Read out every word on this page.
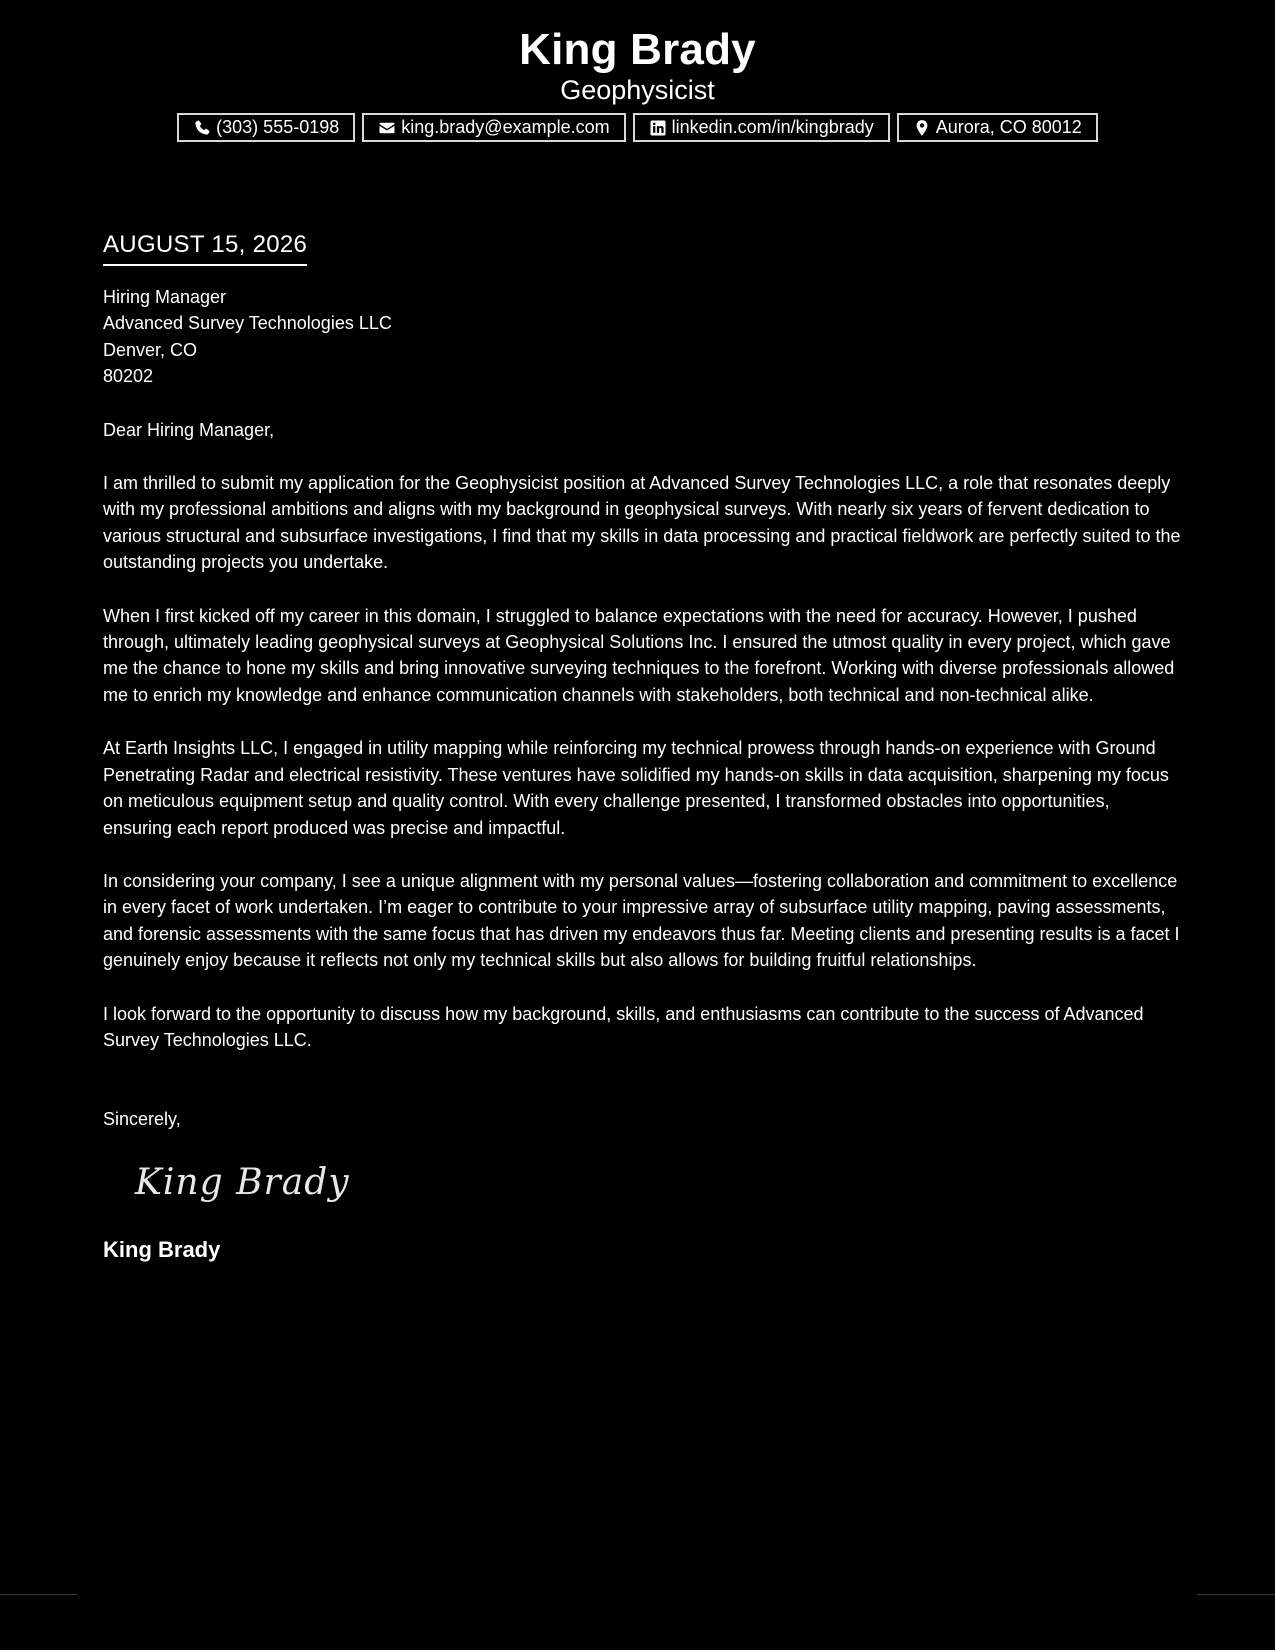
King Brady
Geophysicist
(303) 555-0198	king.brady@example.com	linkedin.com/in/kingbrady	Aurora, CO 80012
AUGUST 15, 2026
Hiring Manager
Advanced Survey Technologies LLC
Denver, CO
80202
Dear Hiring Manager,

I am thrilled to submit my application for the Geophysicist position at Advanced Survey Technologies LLC, a role that resonates deeply with my professional ambitions and aligns with my background in geophysical surveys. With nearly six years of fervent dedication to various structural and subsurface investigations, I find that my skills in data processing and practical fieldwork are perfectly suited to the outstanding projects you undertake.

When I first kicked off my career in this domain, I struggled to balance expectations with the need for accuracy. However, I pushed through, ultimately leading geophysical surveys at Geophysical Solutions Inc. I ensured the utmost quality in every project, which gave me the chance to hone my skills and bring innovative surveying techniques to the forefront. Working with diverse professionals allowed me to enrich my knowledge and enhance communication channels with stakeholders, both technical and non-technical alike.

At Earth Insights LLC, I engaged in utility mapping while reinforcing my technical prowess through hands-on experience with Ground Penetrating Radar and electrical resistivity. These ventures have solidified my hands-on skills in data acquisition, sharpening my focus on meticulous equipment setup and quality control. With every challenge presented, I transformed obstacles into opportunities, ensuring each report produced was precise and impactful.

In considering your company, I see a unique alignment with my personal values—fostering collaboration and commitment to excellence in every facet of work undertaken. I’m eager to contribute to your impressive array of subsurface utility mapping, paving assessments, and forensic assessments with the same focus that has driven my endeavors thus far. Meeting clients and presenting results is a facet I genuinely enjoy because it reflects not only my technical skills but also allows for building fruitful relationships.

I look forward to the opportunity to discuss how my background, skills, and enthusiasms can contribute to the success of Advanced Survey Technologies LLC.

Sincerely,
King Brady
King Brady
